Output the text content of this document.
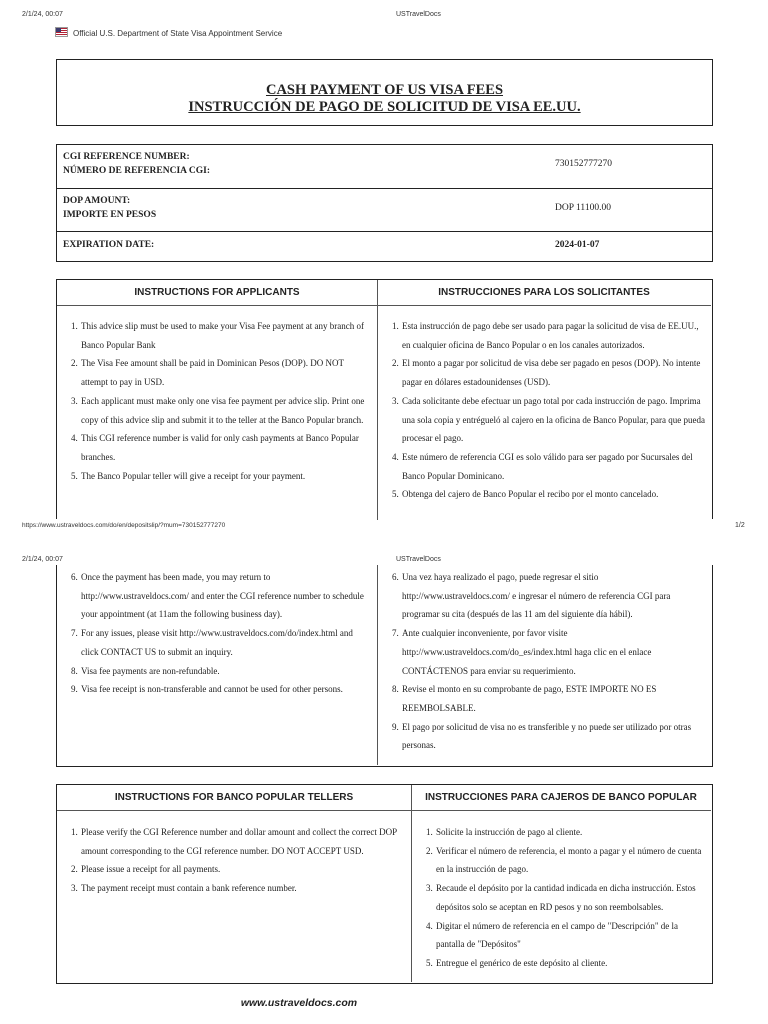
2/1/24, 00:07	USTravelDocs
Official U.S. Department of State Visa Appointment Service
CASH PAYMENT OF US VISA FEES
INSTRUCCIÓN DE PAGO DE SOLICITUD DE VISA EE.UU.
CGI REFERENCE NUMBER:
NÚMERO DE REFERENCIA CGI:
730152777270
DOP AMOUNT:
IMPORTE EN PESOS
DOP 11100.00
EXPIRATION DATE:	2024-01-07
INSTRUCTIONS FOR APPLICANTS	INSTRUCCIONES PARA LOS SOLICITANTES
1. This advice slip must be used to make your Visa Fee payment at any branch of Banco Popular Bank
2. The Visa Fee amount shall be paid in Dominican Pesos (DOP). DO NOT attempt to pay in USD.
3. Each applicant must make only one visa fee payment per advice slip. Print one copy of this advice slip and submit it to the teller at the Banco Popular branch.
4. This CGI reference number is valid for only cash payments at Banco Popular branches.
5. The Banco Popular teller will give a receipt for your payment.
1. Esta instrucción de pago debe ser usado para pagar la solicitud de visa de EE.UU., en cualquier oficina de Banco Popular o en los canales autorizados.
2. El monto a pagar por solicitud de visa debe ser pagado en pesos (DOP). No intente pagar en dólares estadounidenses (USD).
3. Cada solicitante debe efectuar un pago total por cada instrucción de pago. Imprima una sola copia y entrégueló al cajero en la oficina de Banco Popular, para que pueda procesar el pago.
4. Este número de referencia CGI es solo válido para ser pagado por Sucursales del Banco Popular Dominicano.
5. Obtenga del cajero de Banco Popular el recibo por el monto cancelado.
https://www.ustraveldocs.com/do/en/depositslip/?mum=730152777270	1/2
2/1/24, 00:07	USTravelDocs
6. Once the payment has been made, you may return to http://www.ustraveldocs.com/ and enter the CGI reference number to schedule your appointment (at 11am the following business day).
7. For any issues, please visit http://www.ustraveldocs.com/do/index.html and click CONTACT US to submit an inquiry.
8. Visa fee payments are non-refundable.
9. Visa fee receipt is non-transferable and cannot be used for other persons.
6. Una vez haya realizado el pago, puede regresar el sitio http://www.ustraveldocs.com/ e ingresar el número de referencia CGI para programar su cita (después de las 11 am del siguiente día hábil).
7. Ante cualquier inconveniente, por favor visite http://www.ustraveldocs.com/do_es/index.html haga clic en el enlace CONTÁCTENOS para enviar su requerimiento.
8. Revise el monto en su comprobante de pago, ESTE IMPORTE NO ES REEMBOLSABLE.
9. El pago por solicitud de visa no es transferible y no puede ser utilizado por otras personas.
INSTRUCTIONS FOR BANCO POPULAR TELLERS	INSTRUCCIONES PARA CAJEROS DE BANCO POPULAR
1. Please verify the CGI Reference number and dollar amount and collect the correct DOP amount corresponding to the CGI reference number. DO NOT ACCEPT USD.
2. Please issue a receipt for all payments.
3. The payment receipt must contain a bank reference number.
1. Solicite la instrucción de pago al cliente.
2. Verificar el número de referencia, el monto a pagar y el número de cuenta en la instrucción de pago.
3. Recaude el depósito por la cantidad indicada en dicha instrucción. Estos depósitos solo se aceptan en RD pesos y no son reembolsables.
4. Digitar el número de referencia en el campo de "Descripción" de la pantalla de "Depósitos"
5. Entregue el genérico de este depósito al cliente.
www.ustraveldocs.com
